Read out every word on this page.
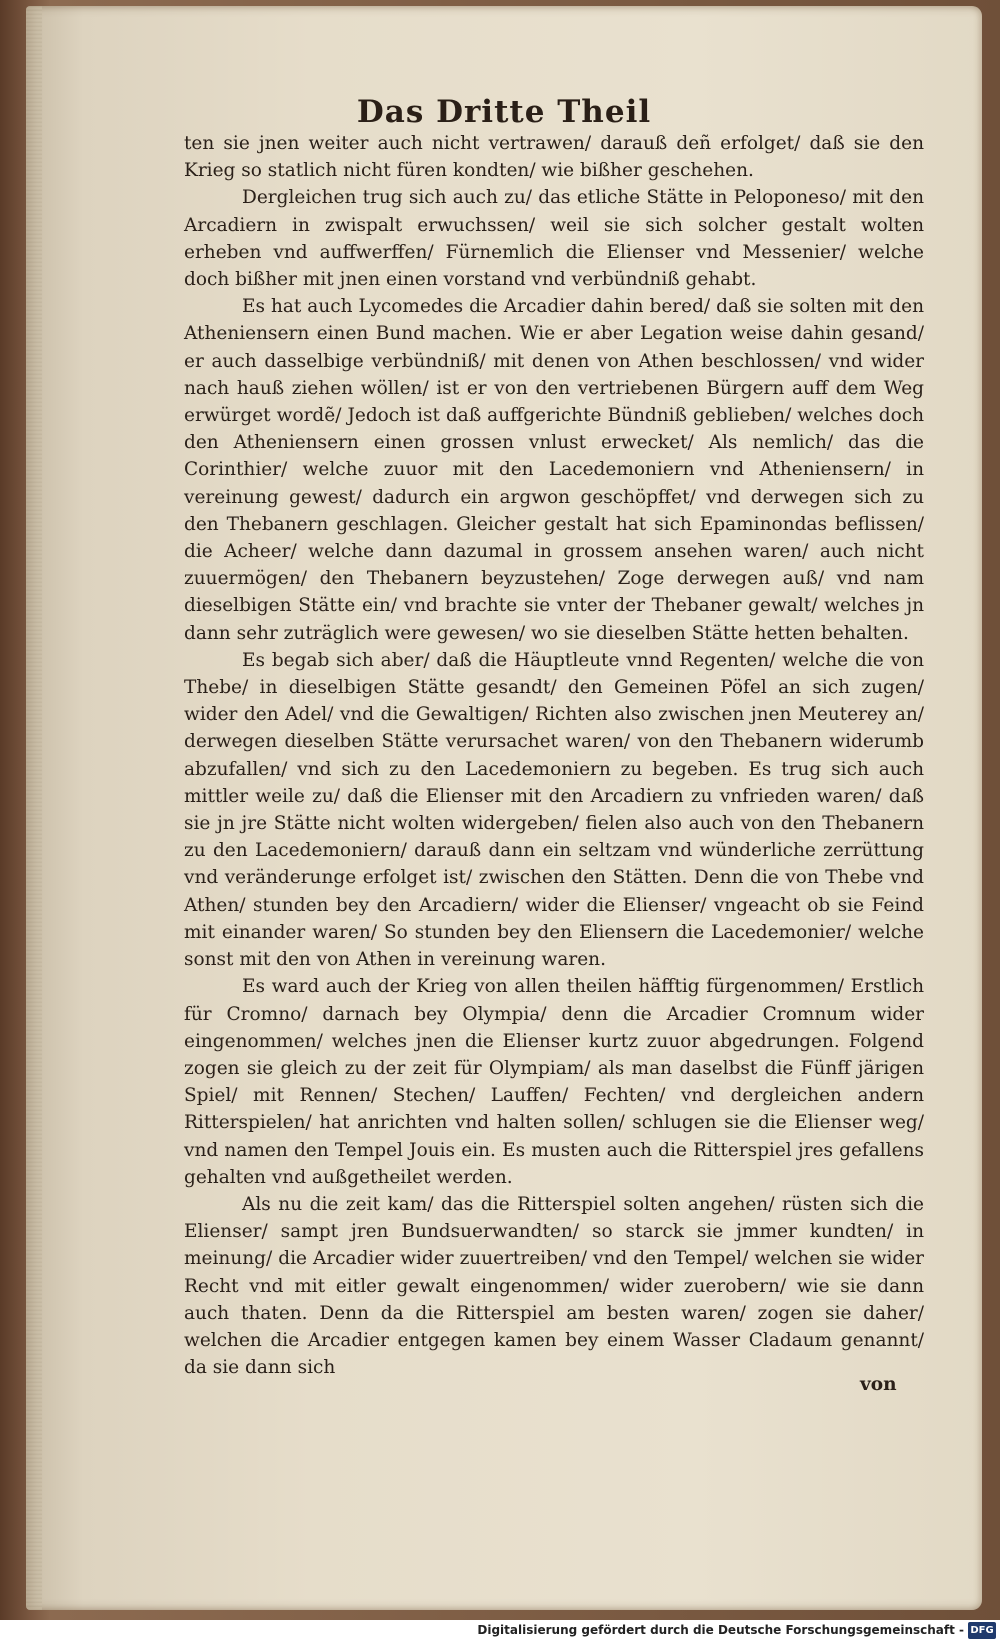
Das Dritte Theil

ten sie jnen weiter auch nicht vertrawen/ darauß deñ erfolget/ daß sie den Krieg so statlich nicht füren kondten/ wie bißher geschehen.

Dergleichen trug sich auch zu/ das etliche Stätte in Peloponeso/ mit den Arcadiern in zwispalt erwuchssen/ weil sie sich solcher gestalt wolten erheben vnd auffwerffen/ Fürnemlich die Elienser vnd Messenier/ welche doch bißher mit jnen einen vorstand vnd verbündniß gehabt.

Es hat auch Lycomedes die Arcadier dahin bered/ daß sie solten mit den Atheniensern einen Bund machen. Wie er aber Legation weise dahin gesand/ er auch dasselbige verbündniß/ mit denen von Athen beschlossen/ vnd wider nach hauß ziehen wöllen/ ist er von den vertriebenen Bürgern auff dem Weg erwürget wordẽ/ Jedoch ist daß auffgerichte Bündniß geblieben/ welches doch den Atheniensern einen grossen vnlust erwecket/ Als nemlich/ das die Corinthier/ welche zuuor mit den Lacedemoniern vnd Atheniensern/ in vereinung gewest/ dadurch ein argwon geschöpffet/ vnd derwegen sich zu den Thebanern geschlagen. Gleicher gestalt hat sich Epaminondas beflissen/ die Acheer/ welche dann dazumal in grossem ansehen waren/ auch nicht zuuermögen/ den Thebanern beyzustehen/ Zoge derwegen auß/ vnd nam dieselbigen Stätte ein/ vnd brachte sie vnter der Thebaner gewalt/ welches jn dann sehr zuträglich were gewesen/ wo sie dieselben Stätte hetten behalten.

Es begab sich aber/ daß die Häuptleute vnnd Regenten/ welche die von Thebe/ in dieselbigen Stätte gesandt/ den Gemeinen Pöfel an sich zugen/ wider den Adel/ vnd die Gewaltigen/ Richten also zwischen jnen Meuterey an/ derwegen dieselben Stätte verursachet waren/ von den Thebanern widerumb abzufallen/ vnd sich zu den Lacedemoniern zu begeben. Es trug sich auch mittler weile zu/ daß die Elienser mit den Arcadiern zu vnfrieden waren/ daß sie jn jre Stätte nicht wolten widergeben/ fielen also auch von den Thebanern zu den Lacedemoniern/ darauß dann ein seltzam vnd wünderliche zerrüttung vnd veränderunge erfolget ist/ zwischen den Stätten. Denn die von Thebe vnd Athen/ stunden bey den Arcadiern/ wider die Elienser/ vngeacht ob sie Feind mit einander waren/ So stunden bey den Eliensern die Lacedemonier/ welche sonst mit den von Athen in vereinung waren.

Es ward auch der Krieg von allen theilen häfftig fürgenommen/ Erstlich für Cromno/ darnach bey Olympia/ denn die Arcadier Cromnum wider eingenommen/ welches jnen die Elienser kurtz zuuor abgedrungen. Folgend zogen sie gleich zu der zeit für Olympiam/ als man daselbst die Fünff järigen Spiel/ mit Rennen/ Stechen/ Lauffen/ Fechten/ vnd dergleichen andern Ritterspielen/ hat anrichten vnd halten sollen/ schlugen sie die Elienser weg/ vnd namen den Tempel Jouis ein. Es musten auch die Ritterspiel jres gefallens gehalten vnd außgetheilet werden.

Als nu die zeit kam/ das die Ritterspiel solten angehen/ rüsten sich die Elienser/ sampt jren Bundsuerwandten/ so starck sie jmmer kundten/ in meinung/ die Arcadier wider zuuertreiben/ vnd den Tempel/ welchen sie wider Recht vnd mit eitler gewalt eingenommen/ wider zuerobern/ wie sie dann auch thaten. Denn da die Ritterspiel am besten waren/ zogen sie daher/ welchen die Arcadier entgegen kamen bey einem Wasser Cladaum genannt/ da sie dann sich

von
Digitalisierung gefördert durch die Deutsche Forschungsgemeinschaft - DFG
